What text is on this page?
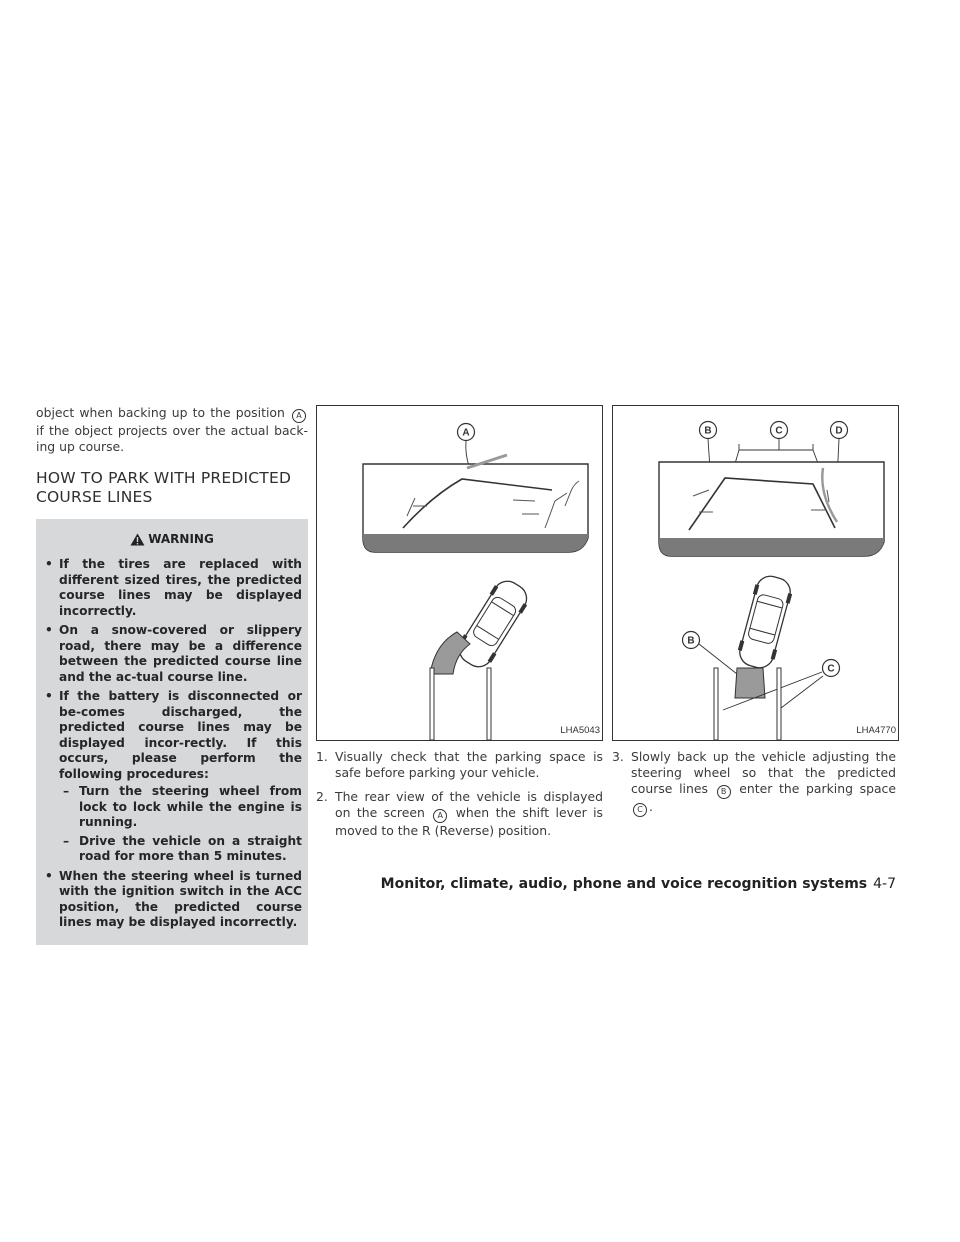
object when backing up to the position A if the object projects over the actual back-ing up course.

HOW TO PARK WITH PREDICTED COURSE LINES
WARNING
• If the tires are replaced with different sized tires, the predicted course lines may be displayed incorrectly.
• On a snow-covered or slippery road, there may be a difference between the predicted course line and the ac-tual course line.
• If the battery is disconnected or be-comes discharged, the predicted course lines may be displayed incor-rectly. If this occurs, please perform the following procedures:
– Turn the steering wheel from lock to lock while the engine is running.
– Drive the vehicle on a straight road for more than 5 minutes.
• When the steering wheel is turned with the ignition switch in the ACC position, the predicted course lines may be displayed incorrectly.
A
LHA5043
1. Visually check that the parking space is safe before parking your vehicle.
2. The rear view of the vehicle is displayed on the screen A when the shift lever is moved to the R (Reverse) position.
B	C	D
B
C
LHA4770
3. Slowly back up the vehicle adjusting the steering wheel so that the predicted course lines B enter the parking space C .
Monitor, climate, audio, phone and voice recognition systems 4-7
